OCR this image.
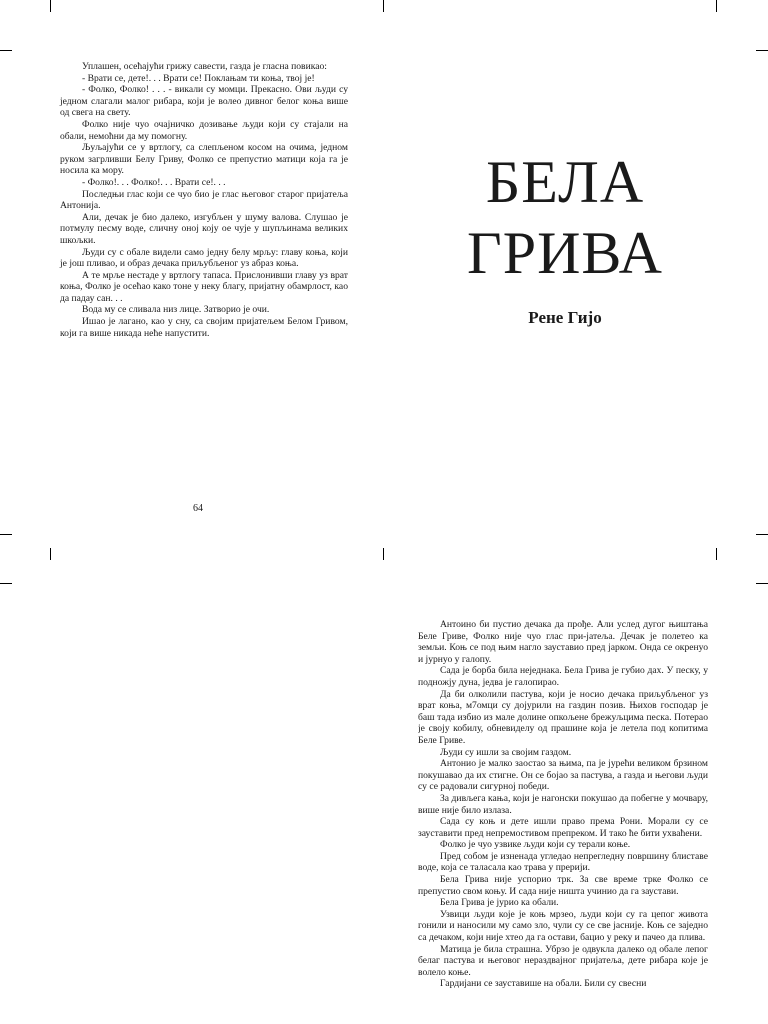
Уплашен, осећајући грижу савести, газда је гласна повикао:

- Врати се, дете!. . . Врати се! Поклањам ти коња, твој је!

- Фолко, Фолко! . . . - викали су момци. Прекасно. Ови људи су једном слагали малог рибара, који је волео дивног белог коња више од свега на свету.

Фолко није чуо очајничко дозивање људи који су стајали на обали, немоћни да му помогну.

Љуљајући се у вртлогу, са слепљеном косом на очима, једном руком загрливши Белу Гриву, Фолко се препустио матици која га је носила ка мору.

- Фолко!. . . Фолко!. . . Врати се!. . .

Последњи глас који се чуо био је глас његовог старог пријатеља Антонија.

Али, дечак је био далеко, изгубљен у шуму валова. Слушао је потмулу песму воде, сличну оној коју ое чује у шупљинама великих шкољки.

Људи су с обале видели само једну белу мрљу: главу коња, који је још пливао, и образ дечака приљубљеног уз абраз коња.

А те мрље нестаде у вртлогу тапаса. Прислонивши главу уз врат коња, Фолко је осећао како тоне у неку благу, пријатну обамрлост, као да падау сан. . .

Вода му се сливала низ лице. Затворио је очи.

Ишао је лагано, као у сну, са својим пријатељем Белом Гривом, који га више никада неће напустити.

64
БЕЛА
ГРИВА
Рене Гијо

Антоино би пустио дечака да прође. Али услед дугог њиштања Беле Гриве, Фолко није чуо глас при-јатеља. Дечак је полетео ка земљи. Коњ се под њим нагло зауставио пред јарком. Онда се окренуо и јурнуо у галопу.

Сада је борба била неједнака. Бела Грива је губио дах. У песку, у подножју дуна, једва је галопирао.

Да би олколили пастува, који је носио дечака приљубљеног уз врат коња, м7омци су дојурили на газдин позив. Њихов господар је баш тада избио из мале долине опкољене брежуљцима песка. Потерао је своју кобилу, обневиделу од прашине која је летела под копитима Беле Гриве.

Људи су ишли за својим газдом.

Антонио је малко заостао за њима, па је јурећи великом брзином покушавао да их стигне. Он се бојао за пастува, а газда и његови људи су се радовали сигурној победи.

За дивљега кања, који је нагонски покушао да побегне у мочвару, више није било излаза.

Сада су коњ и дете ишли право према Рони. Морали су се зауставити пред непремостивом препреком. И тако ће бити ухваћени.

Фолко је чуо узвике људи који су терали коње.

Пред собом је изненада угледао непрегледну површину блиставе воде, која се таласала као трава у прерији.

Бела Грива није успорио трк. За све време трке Фолко се препустио свом коњу. И сада није ништа учинио да га заустави.

Бела Грива је јурио ка обали.

Узвици људи које је коњ мрзео, људи који су га цепог живота гонили и наносили му само зло, чули су се све јасније. Коњ се заједно са дечаком, који није хтео да га остави, бацио у реку и пачео да плива.

Матица је била страшна. Убрзо је одвукла далеко од обале лепог белаг пастува и његовог нераздвајног пријатеља, дете рибара које је волело коње.

Гардијани се зауставише на обали. Били су свесни
